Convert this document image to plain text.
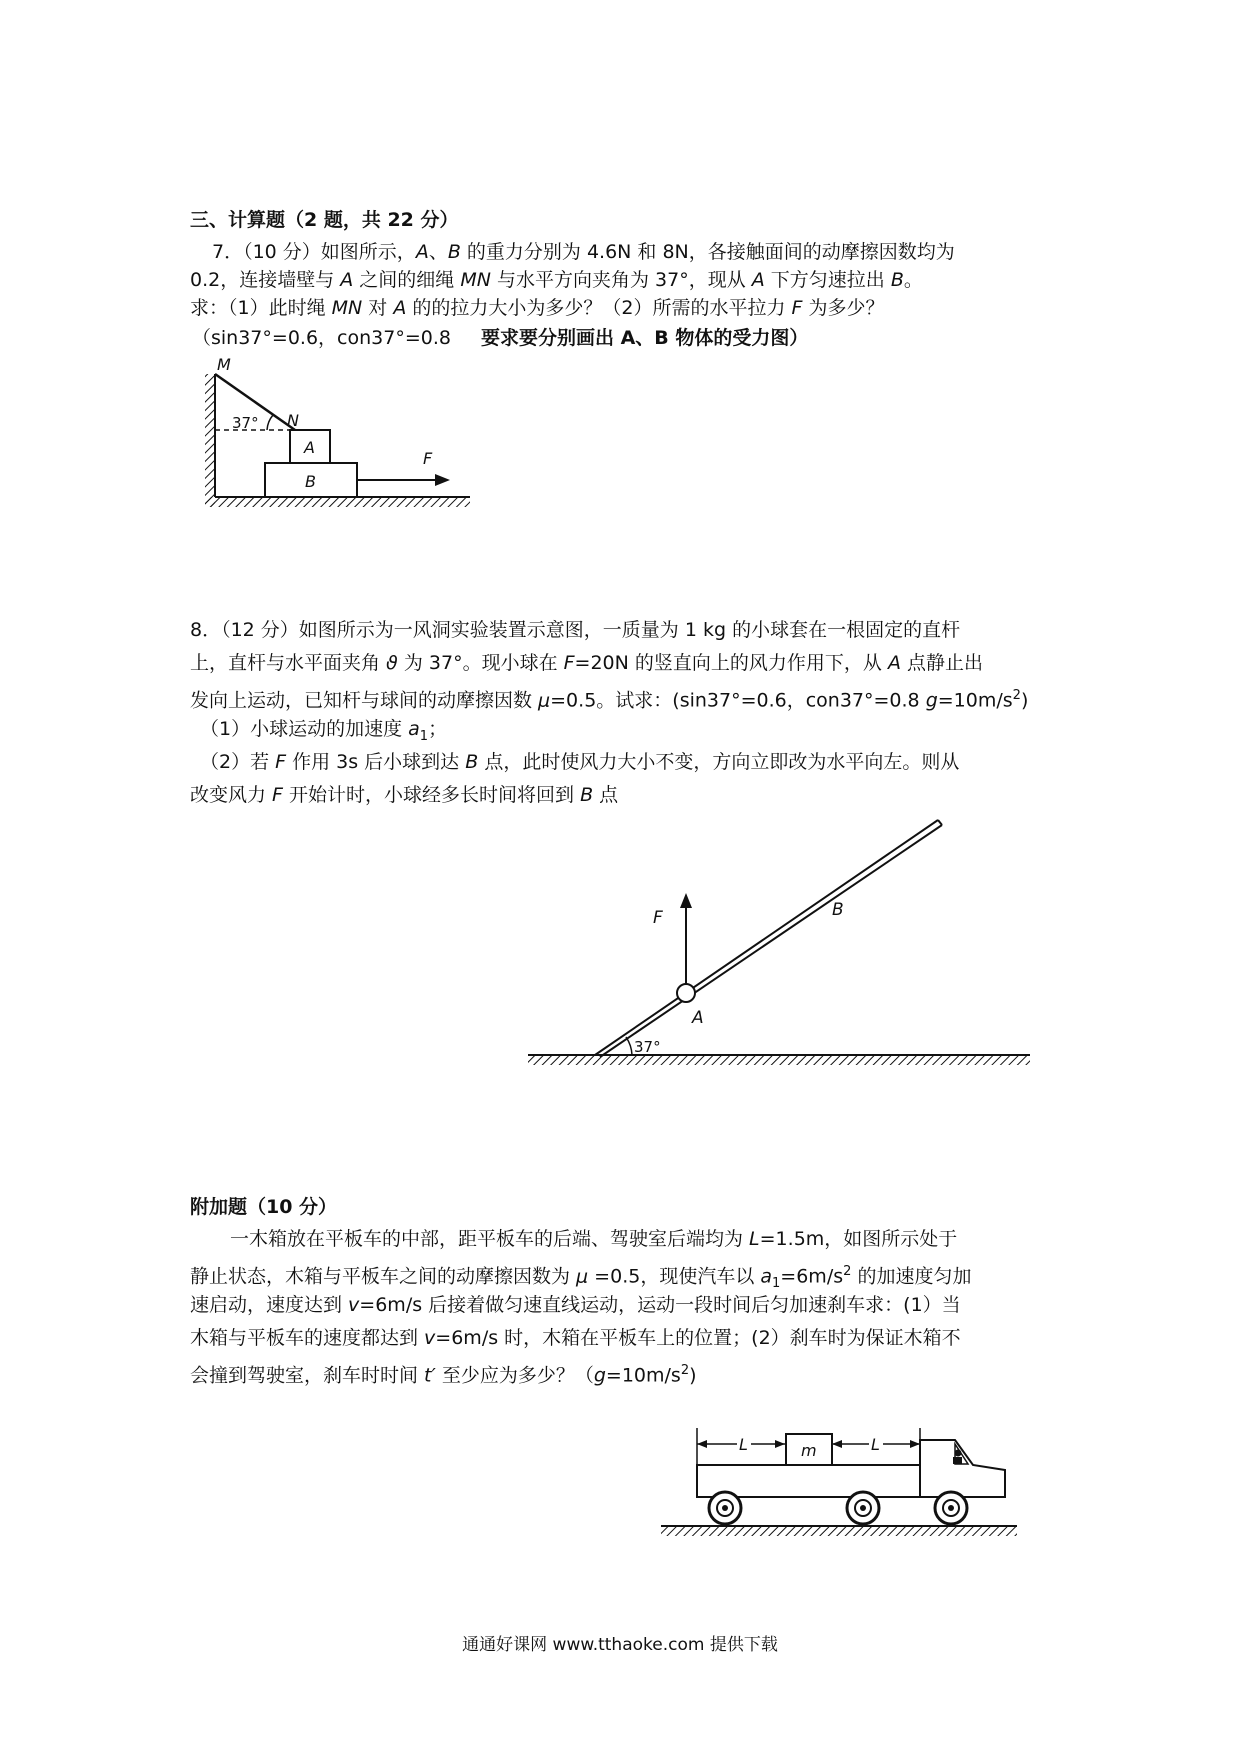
三、计算题（2 题，共 22 分）
7．（10 分）如图所示，A、B 的重力分别为 4.6N 和 8N，各接触面间的动摩擦因数均为
0.2，连接墙壁与 A 之间的细绳 MN 与水平方向夹角为 37°，现从 A 下方匀速拉出 B。
求：（1）此时绳 MN 对 A 的的拉力大小为多少？（2）所需的水平拉力 F 为多少？
（sin37°=0.6，con37°=0.8 要求要分别画出 A、B 物体的受力图）
M
N
37°
A
B
F
8．（12 分）如图所示为一风洞实验装置示意图，一质量为 1 kg 的小球套在一根固定的直杆
上，直杆与水平面夹角 ϑ 为 37°。现小球在 F=20N 的竖直向上的风力作用下，从 A 点静止出
发向上运动，已知杆与球间的动摩擦因数 μ=0.5。试求：(sin37°=0.6，con37°=0.8 $g=10m/s^2$)
（1）小球运动的加速度 $a_1$；
（2）若 F 作用 3s 后小球到达 B 点，此时使风力大小不变，方向立即改为水平向左。则从
改变风力 F 开始计时，小球经多长时间将回到 B 点
F
A
B
37°
附加题（10 分）
一木箱放在平板车的中部，距平板车的后端、驾驶室后端均为 L=1.5m，如图所示处于
静止状态，木箱与平板车之间的动摩擦因数为 μ =0.5，现使汽车以 $a_1=6m/s^2$ 的加速度匀加
速启动，速度达到 v=6m/s 后接着做匀速直线运动，运动一段时间后匀加速刹车求：(1）当
木箱与平板车的速度都达到 v=6m/s 时，木箱在平板车上的位置；(2）刹车时为保证木箱不
会撞到驾驶室，刹车时时间 t′ 至少应为多少？$(g=10m/s^2)$
L	L
m
通通好课网 www.tthaoke.com 提供下载
